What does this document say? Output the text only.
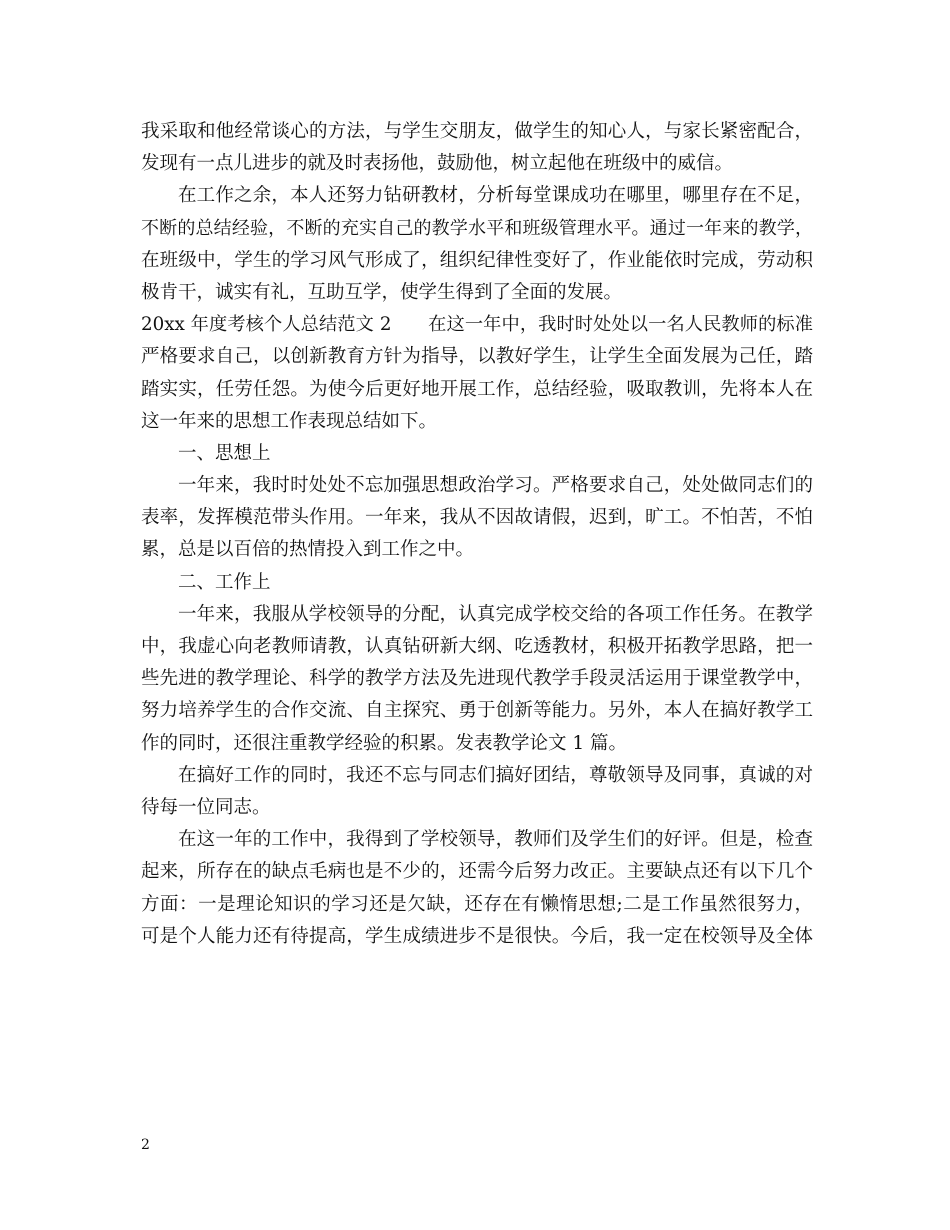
我采取和他经常谈心的方法，与学生交朋友，做学生的知心人，与家长紧密配合，
发现有一点儿进步的就及时表扬他，鼓励他，树立起他在班级中的威信。
在工作之余，本人还努力钻研教材，分析每堂课成功在哪里，哪里存在不足，
不断的总结经验，不断的充实自己的教学水平和班级管理水平。通过一年来的教学，
在班级中，学生的学习风气形成了，组织纪律性变好了，作业能依时完成，劳动积
极肯干，诚实有礼，互助互学，使学生得到了全面的发展。
20xx 年度考核个人总结范文 2　　在这一年中，我时时处处以一名人民教师的标准
严格要求自己，以创新教育方针为指导，以教好学生，让学生全面发展为己任，踏
踏实实，任劳任怨。为使今后更好地开展工作，总结经验，吸取教训，先将本人在
这一年来的思想工作表现总结如下。
一、思想上
一年来，我时时处处不忘加强思想政治学习。严格要求自己，处处做同志们的
表率，发挥模范带头作用。一年来，我从不因故请假，迟到，旷工。不怕苦，不怕
累，总是以百倍的热情投入到工作之中。
二、工作上
一年来，我服从学校领导的分配，认真完成学校交给的各项工作任务。在教学
中，我虚心向老教师请教，认真钻研新大纲、吃透教材，积极开拓教学思路，把一
些先进的教学理论、科学的教学方法及先进现代教学手段灵活运用于课堂教学中，
努力培养学生的合作交流、自主探究、勇于创新等能力。另外，本人在搞好教学工
作的同时，还很注重教学经验的积累。发表教学论文 1 篇。
在搞好工作的同时，我还不忘与同志们搞好团结，尊敬领导及同事，真诚的对
待每一位同志。
在这一年的工作中，我得到了学校领导，教师们及学生们的好评。但是，检查
起来，所存在的缺点毛病也是不少的，还需今后努力改正。主要缺点还有以下几个
方面：一是理论知识的学习还是欠缺，还存在有懒惰思想;二是工作虽然很努力，
可是个人能力还有待提高，学生成绩进步不是很快。今后，我一定在校领导及全体
2
